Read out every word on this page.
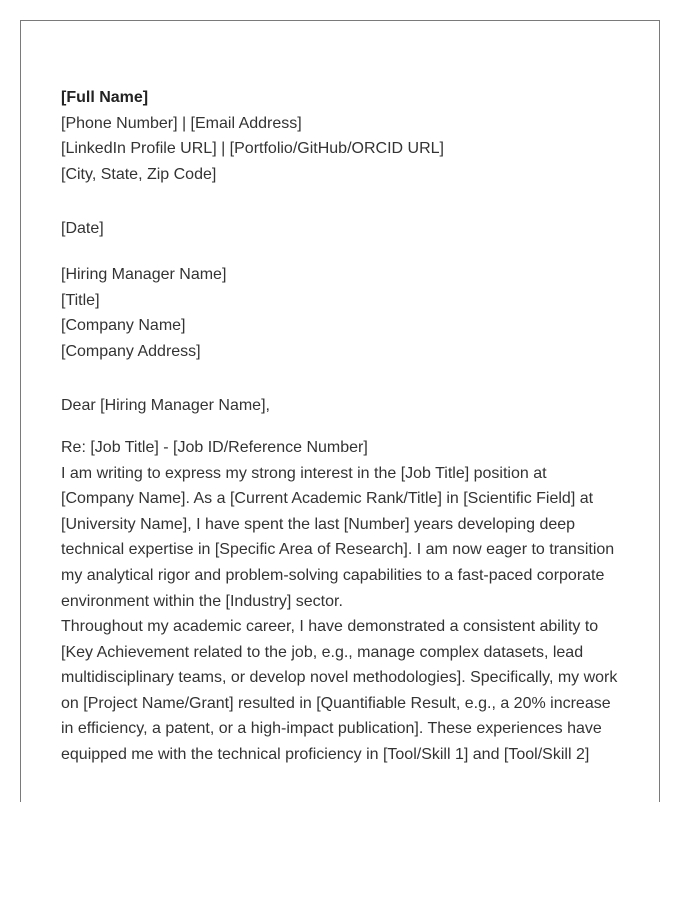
[Full Name]
[Phone Number] | [Email Address]
[LinkedIn Profile URL] | [Portfolio/GitHub/ORCID URL]
[City, State, Zip Code]
[Date]
[Hiring Manager Name]
[Title]
[Company Name]
[Company Address]
Dear [Hiring Manager Name],
Re: [Job Title] - [Job ID/Reference Number]

I am writing to express my strong interest in the [Job Title] position at
[Company Name]. As a [Current Academic Rank/Title] in [Scientific Field] at
[University Name], I have spent the last [Number] years developing deep
technical expertise in [Specific Area of Research]. I am now eager to transition
my analytical rigor and problem-solving capabilities to a fast-paced corporate
environment within the [Industry] sector.

Throughout my academic career, I have demonstrated a consistent ability to
[Key Achievement related to the job, e.g., manage complex datasets, lead
multidisciplinary teams, or develop novel methodologies]. Specifically, my work
on [Project Name/Grant] resulted in [Quantifiable Result, e.g., a 20% increase
in efficiency, a patent, or a high-impact publication]. These experiences have
equipped me with the technical proficiency in [Tool/Skill 1] and [Tool/Skill 2]
